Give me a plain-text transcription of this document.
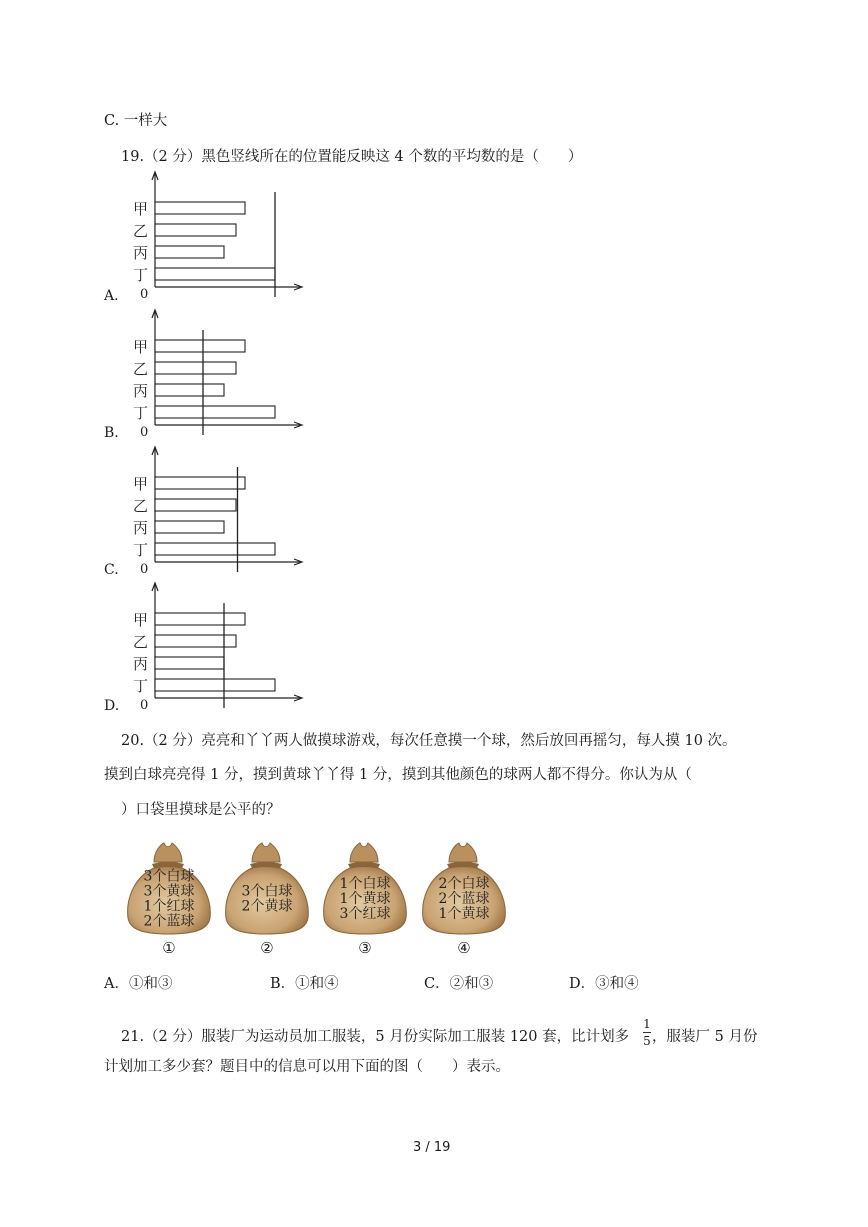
C. 一样大
19.（2 分）黑色竖线所在的位置能反映这 4 个数的平均数的是（　　）
0
甲
乙
丙
丁
A.
0
甲
乙
丙
丁
B.
0
甲
乙
丙
丁
C.
0
甲
乙
丙
丁
D.
20.（2 分）亮亮和丫丫两人做摸球游戏，每次任意摸一个球，然后放回再摇匀，每人摸 10 次。
摸到白球亮亮得 1 分，摸到黄球丫丫得 1 分，摸到其他颜色的球两人都不得分。你认为从（
）口袋里摸球是公平的？
3个白球
3个黄球
1个红球
2个蓝球
①
3个白球
2个黄球
②
1个白球
1个黄球
3个红球
③
2个白球
2个蓝球
1个黄球
④
A．①和③	B．①和④	C．②和③	D．③和④
21.（2 分）服装厂为运动员加工服装，5 月份实际加工服装 120 套，比计划多
1
5 ，服装厂 5 月份
计划加工多少套？题目中的信息可以用下面的图（　　）表示。
3 / 19
